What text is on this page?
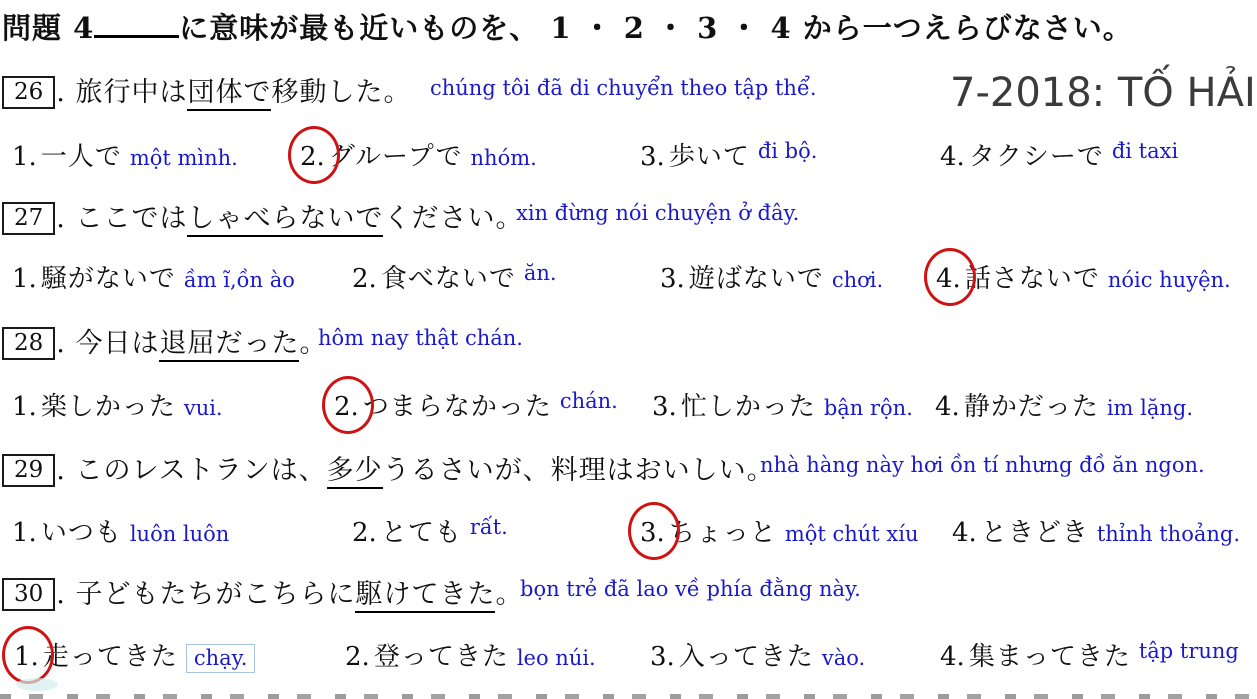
問題 4	に意味が最も近いものを、 1 ・ 2 ・ 3 ・ 4 から一つえらびなさい。
7-2018: TỐ HẢI
26 . 旅行中は団体で移動した。 chúng tôi đã di chuyển theo tập thể.
1. 一人で một mình. 2. グループで nhóm.	3. 歩いて $^{đi bộ.}$	4. タクシーで $^{đi taxi}$
27 . ここではしゃべらないでください。
xin đừng nói chuyện ở đây.
1. 騒がないで ầm ĩ,ồn ào 2. 食べないで $^{ăn.}$	3. 遊ばないで chơi. 4. 話さないで nóic huyện.
28 . 今日は退屈だった。
hôm nay thật chán.
1. 楽しかった vui.	2. つまらなかった $^{chán.}$ 3. 忙しかった bận rộn. 4. 静かだった im lặng.
29 . このレストランは、多少うるさいが、料理はおいしい。
nhà hàng này hơi ồn tí nhưng đồ ăn ngon.
1. いつも luôn luôn	2. とても $^{rất.}$	3. ちょっと một chút xíu 4. ときどき thỉnh thoảng.
30 . 子どもたちがこちらに駆けてきた。
bọn trẻ đã lao về phía đằng này.
1. 走ってきた chạy.	2. 登ってきた leo núi. 3. 入ってきた vào.	4. 集まってきた $^{tập trung}$
